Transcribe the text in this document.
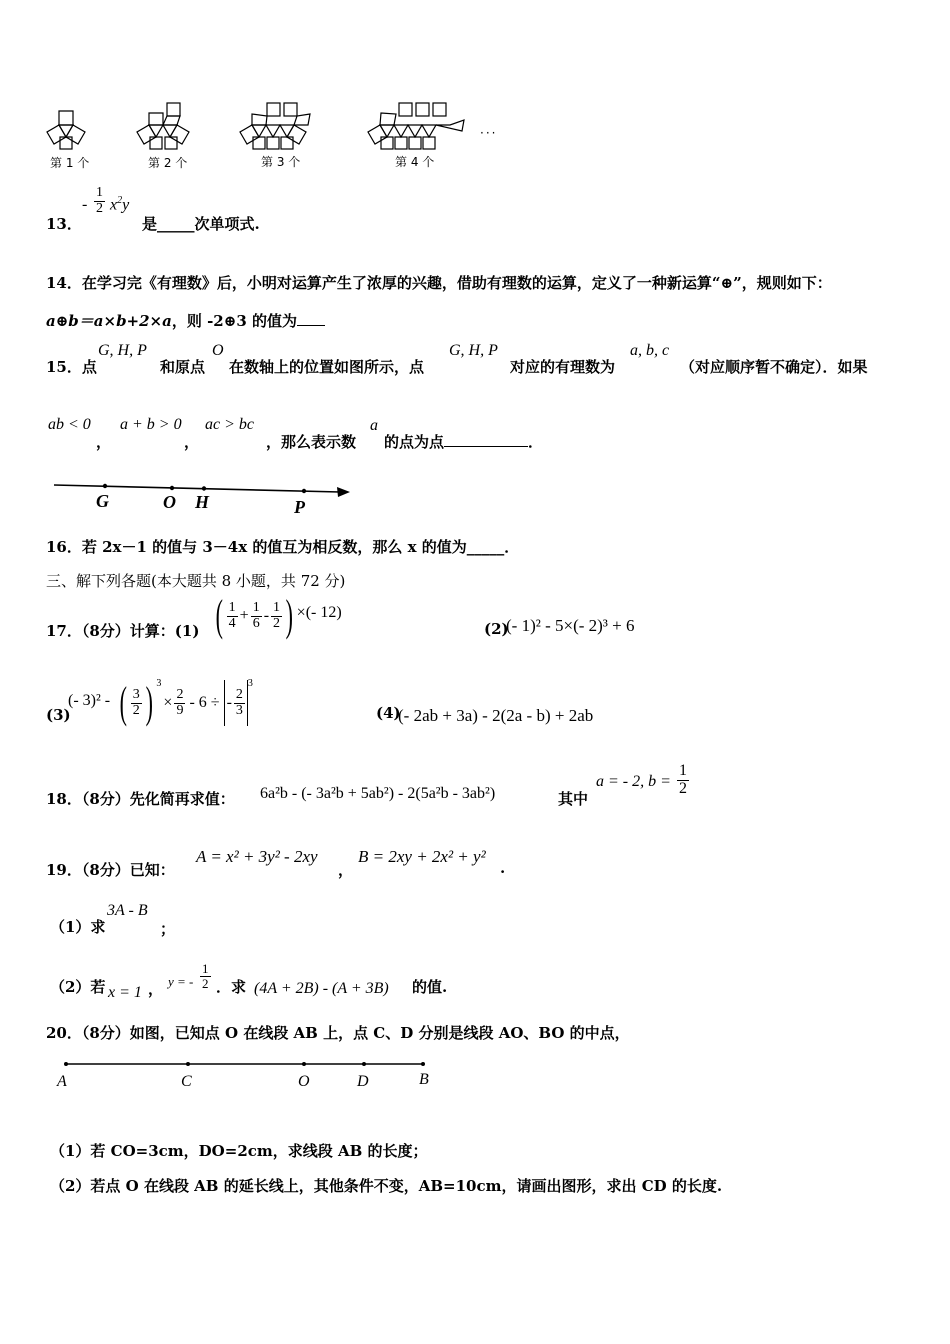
第 1 个	第 2 个	第 3 个	第 4 个
···
13．
- $\frac{1}{2} x^2y$
是_____次单项式.
14．在学习完《有理数》后，小明对运算产生了浓厚的兴趣，借助有理数的运算，定义了一种新运算“⊕”，规则如下：
a⊕b＝a×b+2×a，则 -2⊕3 的值为
15．点
G, H, P
和原点
O
在数轴上的位置如图所示，点
G, H, P
对应的有理数为
a, b, c
（对应顺序暂不确定）．如果
ab < 0
，
a + b > 0
，
ac > bc
，那么表示数
a
的点为点	．
G	O H	P
16．若 2x－1 的值与 3－4x 的值互为相反数，那么 x 的值为_____．
三、解下列各题(本大题共 8 小题，共 72 分)
17．（8分）计算：(1) ( $\frac{1}{4} + \frac{1}{6} - \frac{1}{2}$ ) ×(- 12)
(2)
(- 1)² - 5×(- 2)³ + 6
(3)
(- 3)² - ( $\frac{3}{2}$ ) $^3$
× $\frac{2}{9} - 6$ ÷ - $\frac{2}{3}$
$^3$
(4)
(- 2ab + 3a) - 2(2a - b) + 2ab
18．（8分）先化简再求值： 6a²b - (- 3a²b + 5ab²) - 2(5a²b - 3ab²)	其中
a = - 2, $b = \frac{1}{2}$
19．（8分）已知：
A = x² + 3y² - 2xy
，
B = 2xy + 2x² + y²
.
（1）求
3A - B
；
（2）若 x = 1 ， y = - $\frac{1}{2}$ ．求 (4A + 2B) - (A + 3B) 的值.
20．（8分）如图，已知点 O 在线段 AB 上，点 C、D 分别是线段 AO、BO 的中点，
A	C	O	D	B
（1）若 CO=3cm，DO=2cm，求线段 AB 的长度；
（2）若点 O 在线段 AB 的延长线上，其他条件不变，AB=10cm，请画出图形，求出 CD 的长度.
